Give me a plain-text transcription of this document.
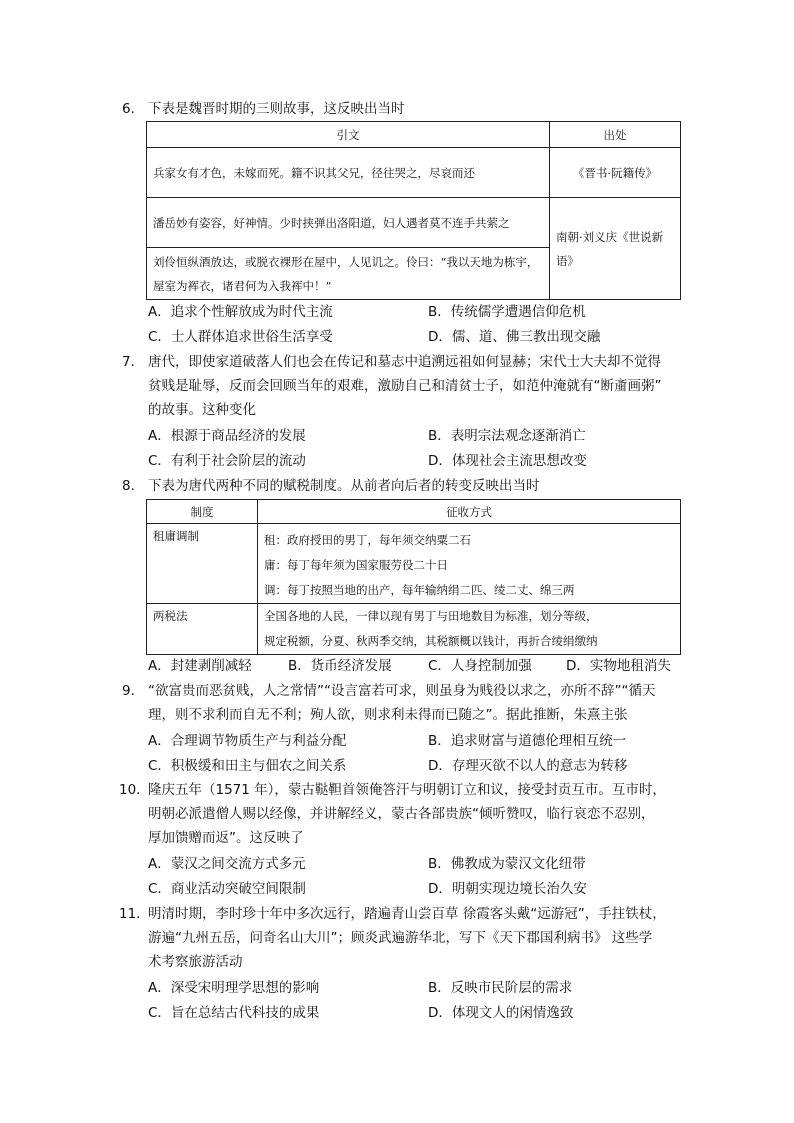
6． 下表是魏晋时期的三则故事，这反映出当时
引文	出处
兵家女有才色，未嫁而死。籍不识其父兄，径往哭之，尽哀而还	《晋书·阮籍传》
潘岳妙有姿容，好神情。少时挟弹出洛阳道，妇人遇者莫不连手共萦之	南朝·刘义庆《世说新语》
刘伶恒纵酒放达，或脱衣裸形在屋中，人见讥之。伶曰：“我以天地为栋宇，屋室为裈衣，诸君何为入我裈中！”	
A．追求个性解放成为时代主流	B．传统儒学遭遇信仰危机
C．士人群体追求世俗生活享受	D．儒、道、佛三教出现交融
7． 唐代，即使家道破落人们也会在传记和墓志中追溯远祖如何显赫；宋代士大夫却不觉得
贫贱是耻辱，反而会回顾当年的艰难，激励自己和清贫士子，如范仲淹就有“断齑画粥”
的故事。这种变化
A．根源于商品经济的发展	B．表明宗法观念逐渐消亡
C．有利于社会阶层的流动	D．体现社会主流思想改变
8． 下表为唐代两种不同的赋税制度。从前者向后者的转变反映出当时
制度	征收方式
租庸调制	租：政府授田的男丁，每年须交纳粟二石
庸：每丁每年须为国家服劳役二十日
调：每丁按照当地的出产，每年输纳绢二匹、绫二丈、绵三两

两税法	全国各地的人民，一律以现有男丁与田地数目为标准，划分等级，
规定税额，分夏、秋两季交纳，其税额概以钱计，再折合绫绢缴纳
A．封建剥削减轻	B．货币经济发展	C．人身控制加强	D．实物地租消失
9． “欲富贵而恶贫贱，人之常情”“设言富若可求，则虽身为贱役以求之，亦所不辞”“循天
理，则不求利而自无不利；殉人欲，则求利未得而已随之”。据此推断，朱熹主张
A．合理调节物质生产与利益分配	B．追求财富与道德伦理相互统一
C．积极缓和田主与佃农之间关系	D．存理灭欲不以人的意志为转移
10．
隆庆五年（1571 年），蒙古鞑靼首领俺答汗与明朝订立和议，接受封贡互市。互市时，
明朝必派遣僧人赐以经像，并讲解经义，蒙古各部贵族“倾听赞叹，临行哀恋不忍别，
厚加馈赠而返”。这反映了
A．蒙汉之间交流方式多元	B．佛教成为蒙汉文化纽带
C．商业活动突破空间限制	D．明朝实现边境长治久安
11．
明清时期，李时珍十年中多次远行，踏遍青山尝百草 徐霞客头戴“远游冠”，手拄铁杖，
游遍“九州五岳，问奇名山大川”；顾炎武遍游华北，写下《天下郡国利病书》 这些学
术考察旅游活动
A．深受宋明理学思想的影响	B．反映市民阶层的需求
C．旨在总结古代科技的成果	D．体现文人的闲情逸致
